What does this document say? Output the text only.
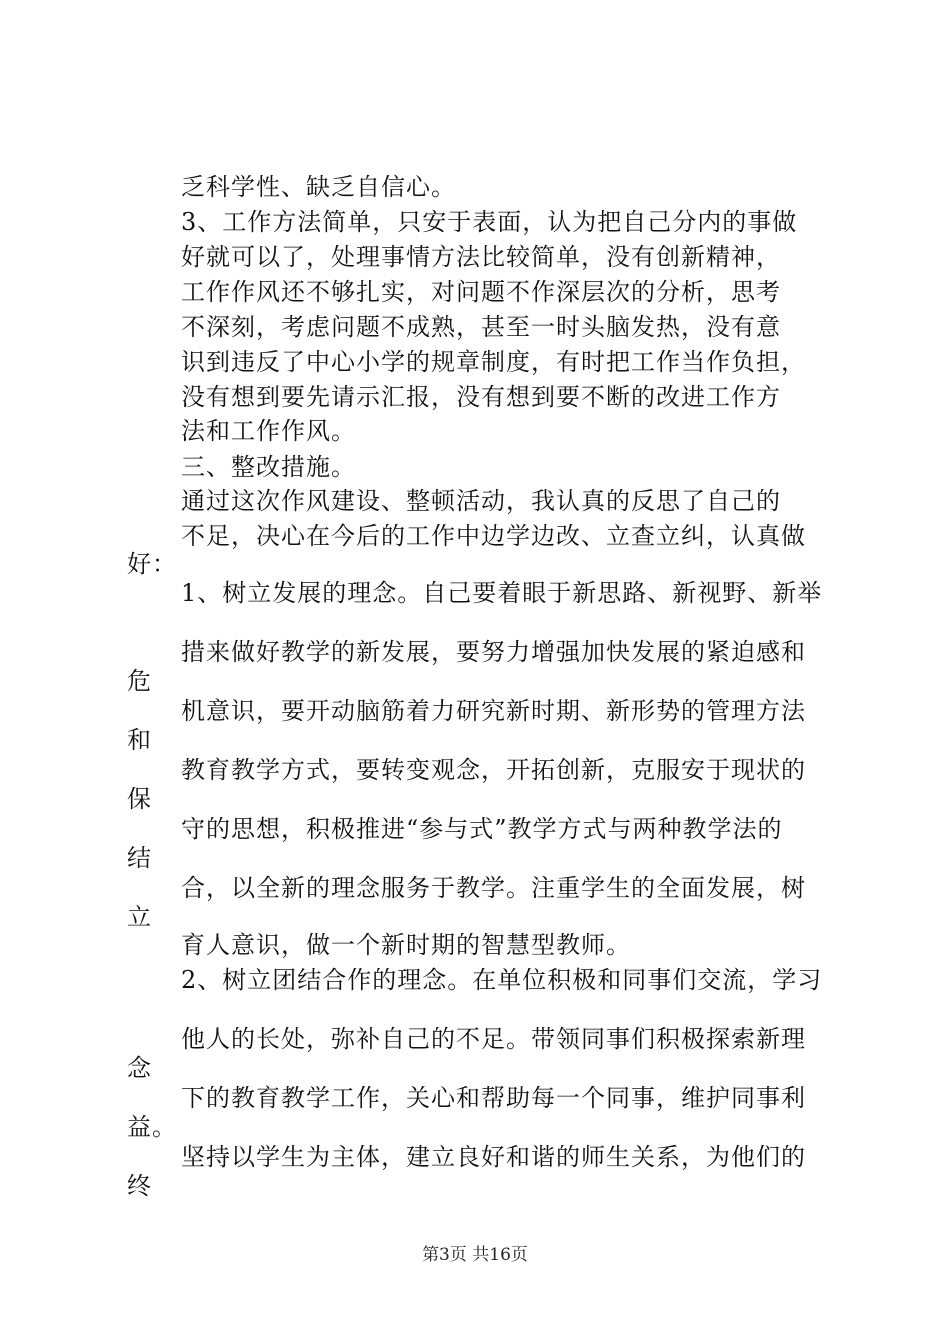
乏科学性、缺乏自信心。
3、工作方法简单，只安于表面，认为把自己分内的事做
好就可以了，处理事情方法比较简单，没有创新精神，
工作作风还不够扎实，对问题不作深层次的分析，思考
不深刻，考虑问题不成熟，甚至一时头脑发热，没有意
识到违反了中心小学的规章制度，有时把工作当作负担，
没有想到要先请示汇报，没有想到要不断的改进工作方
法和工作作风。
三、整改措施。
通过这次作风建设、整顿活动，我认真的反思了自己的
不足，决心在今后的工作中边学边改、立查立纠，认真做
好：
1、树立发展的理念。自己要着眼于新思路、新视野、新举
措来做好教学的新发展，要努力增强加快发展的紧迫感和
危
机意识，要开动脑筋着力研究新时期、新形势的管理方法
和
教育教学方式，要转变观念，开拓创新，克服安于现状的
保
守的思想，积极推进“参与式”教学方式与两种教学法的
结
合，以全新的理念服务于教学。注重学生的全面发展，树
立
育人意识，做一个新时期的智慧型教师。
2、树立团结合作的理念。在单位积极和同事们交流，学习
他人的长处，弥补自己的不足。带领同事们积极探索新理
念
下的教育教学工作，关心和帮助每一个同事，维护同事利
益。
坚持以学生为主体，建立良好和谐的师生关系，为他们的
终
第3页 共16页
